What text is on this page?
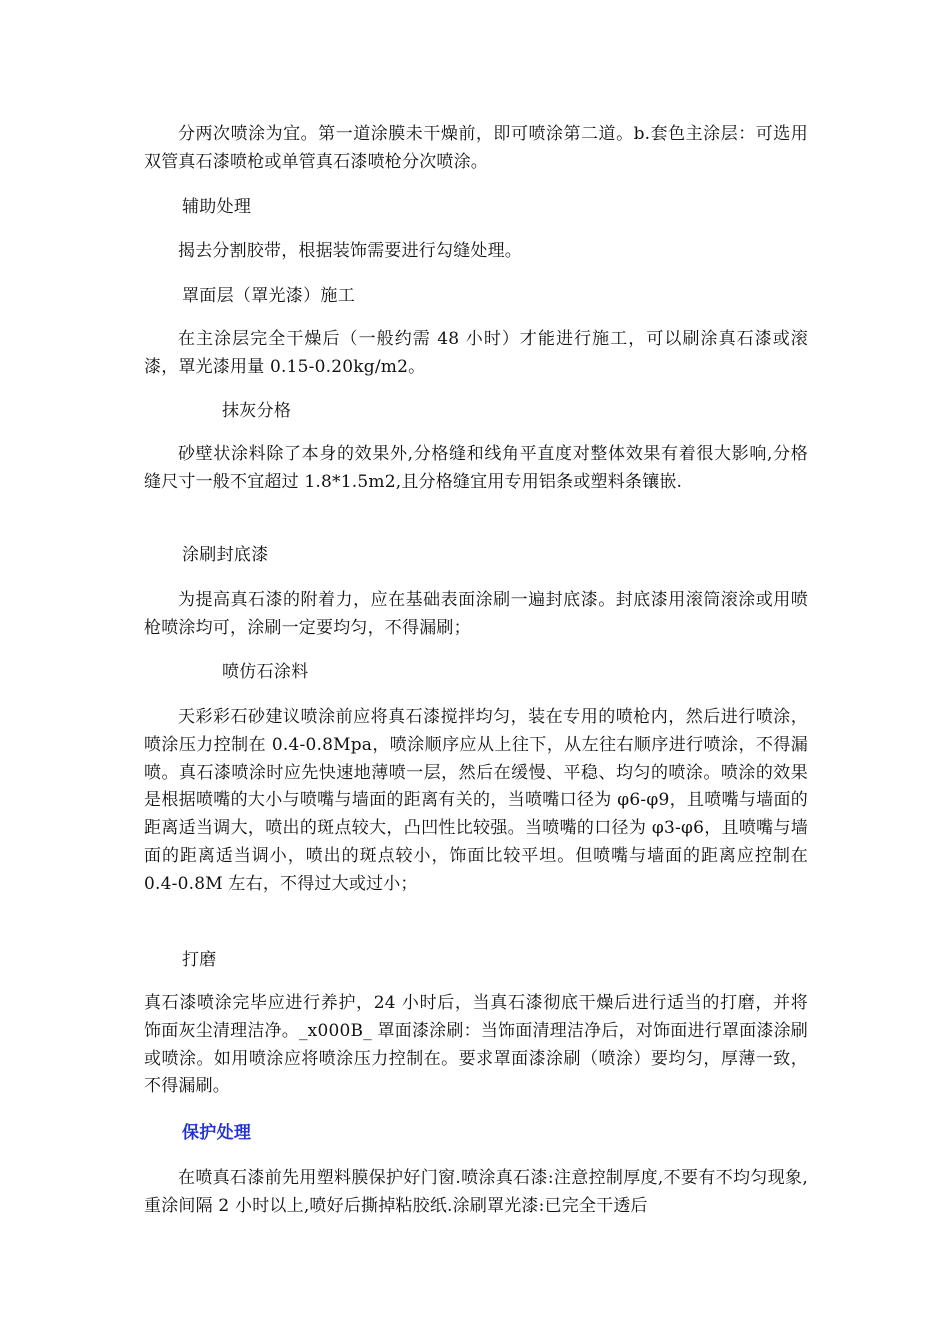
分两次喷涂为宜。第一道涂膜未干燥前，即可喷涂第二道。b.套色主涂层：可选用双管真石漆喷枪或单管真石漆喷枪分次喷涂。

辅助处理

揭去分割胶带，根据装饰需要进行勾缝处理。

罩面层（罩光漆）施工

在主涂层完全干燥后（一般约需 48 小时）才能进行施工，可以刷涂真石漆或滚漆，罩光漆用量 0.15-0.20kg/m2。

抹灰分格

砂壁状涂料除了本身的效果外,分格缝和线角平直度对整体效果有着很大影响,分格缝尺寸一般不宜超过 1.8*1.5m2,且分格缝宜用专用铝条或塑料条镶嵌.

涂刷封底漆

为提高真石漆的附着力，应在基础表面涂刷一遍封底漆。封底漆用滚筒滚涂或用喷枪喷涂均可，涂刷一定要均匀，不得漏刷；

喷仿石涂料

天彩彩石砂建议喷涂前应将真石漆搅拌均匀，装在专用的喷枪内，然后进行喷涂，喷涂压力控制在 0.4-0.8Mpa，喷涂顺序应从上往下，从左往右顺序进行喷涂，不得漏喷。真石漆喷涂时应先快速地薄喷一层，然后在缓慢、平稳、均匀的喷涂。喷涂的效果是根据喷嘴的大小与喷嘴与墙面的距离有关的，当喷嘴口径为 φ6-φ9，且喷嘴与墙面的距离适当调大，喷出的斑点较大，凸凹性比较强。当喷嘴的口径为 φ3-φ6，且喷嘴与墙面的距离适当调小，喷出的斑点较小，饰面比较平坦。但喷嘴与墙面的距离应控制在 0.4-0.8M 左右，不得过大或过小；

打磨

真石漆喷涂完毕应进行养护，24 小时后，当真石漆彻底干燥后进行适当的打磨，并将饰面灰尘清理洁净。_x000B_ 罩面漆涂刷：当饰面清理洁净后，对饰面进行罩面漆涂刷或喷涂。如用喷涂应将喷涂压力控制在。要求罩面漆涂刷（喷涂）要均匀，厚薄一致，不得漏刷。

保护处理

在喷真石漆前先用塑料膜保护好门窗.喷涂真石漆:注意控制厚度,不要有不均匀现象,重涂间隔 2 小时以上,喷好后撕掉粘胶纸.涂刷罩光漆:已完全干透后
